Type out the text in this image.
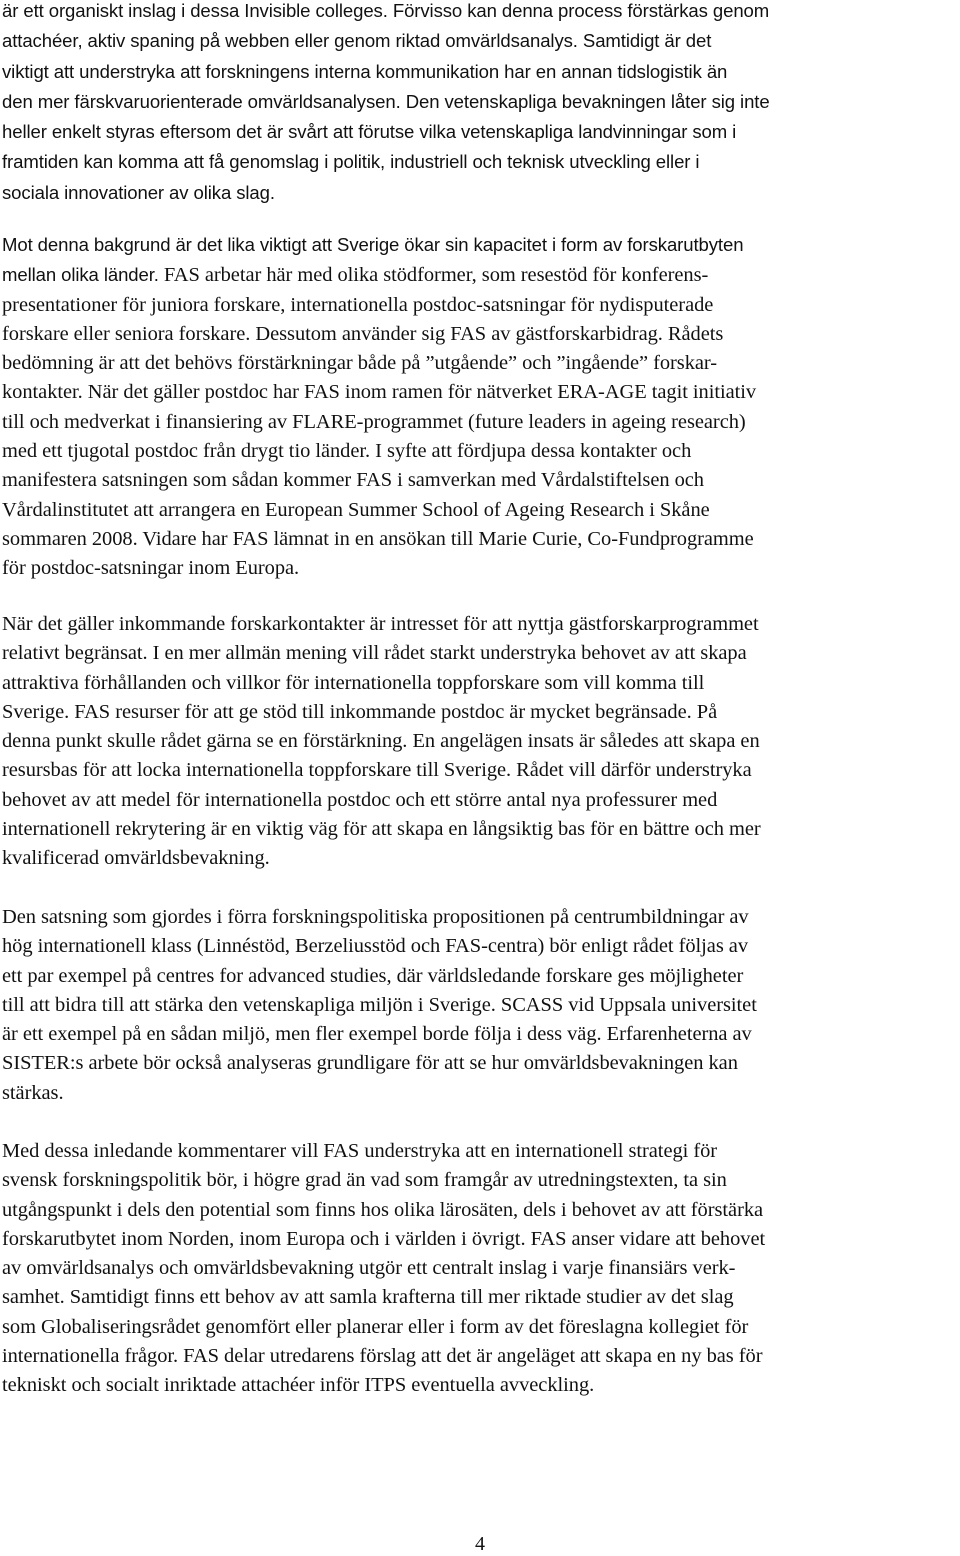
är ett organiskt inslag i dessa Invisible colleges. Förvisso kan denna process förstärkas genom
attachéer, aktiv spaning på webben eller genom riktad omvärldsanalys. Samtidigt är det
viktigt att understryka att forskningens interna kommunikation har en annan tidslogistik än
den mer färskvaruorienterade omvärldsanalysen. Den vetenskapliga bevakningen låter sig inte
heller enkelt styras eftersom det är svårt att förutse vilka vetenskapliga landvinningar som i
framtiden kan komma att få genomslag i politik, industriell och teknisk utveckling eller i
sociala innovationer av olika slag.

Mot denna bakgrund är det lika viktigt att Sverige ökar sin kapacitet i form av forskarutbyten
mellan olika länder. FAS arbetar här med olika stödformer, som resestöd för konferens-
presentationer för juniora forskare, internationella postdoc-satsningar för nydisputerade
forskare eller seniora forskare. Dessutom använder sig FAS av gästforskarbidrag. Rådets
bedömning är att det behövs förstärkningar både på ”utgående” och ”ingående” forskar-
kontakter. När det gäller postdoc har FAS inom ramen för nätverket ERA-AGE tagit initiativ
till och medverkat i finansiering av FLARE-programmet (future leaders in ageing research)
med ett tjugotal postdoc från drygt tio länder. I syfte att fördjupa dessa kontakter och
manifestera satsningen som sådan kommer FAS i samverkan med Vårdalstiftelsen och
Vårdalinstitutet att arrangera en European Summer School of Ageing Research i Skåne
sommaren 2008. Vidare har FAS lämnat in en ansökan till Marie Curie, Co-Fundprogramme
för postdoc-satsningar inom Europa.

När det gäller inkommande forskarkontakter är intresset för att nyttja gästforskarprogrammet
relativt begränsat. I en mer allmän mening vill rådet starkt understryka behovet av att skapa
attraktiva förhållanden och villkor för internationella toppforskare som vill komma till
Sverige. FAS resurser för att ge stöd till inkommande postdoc är mycket begränsade. På
denna punkt skulle rådet gärna se en förstärkning. En angelägen insats är således att skapa en
resursbas för att locka internationella toppforskare till Sverige. Rådet vill därför understryka
behovet av att medel för internationella postdoc och ett större antal nya professurer med
internationell rekrytering är en viktig väg för att skapa en långsiktig bas för en bättre och mer
kvalificerad omvärldsbevakning.

Den satsning som gjordes i förra forskningspolitiska propositionen på centrumbildningar av
hög internationell klass (Linnéstöd, Berzeliusstöd och FAS-centra) bör enligt rådet följas av
ett par exempel på centres for advanced studies, där världsledande forskare ges möjligheter
till att bidra till att stärka den vetenskapliga miljön i Sverige. SCASS vid Uppsala universitet
är ett exempel på en sådan miljö, men fler exempel borde följa i dess väg. Erfarenheterna av
SISTER:s arbete bör också analyseras grundligare för att se hur omvärldsbevakningen kan
stärkas.

Med dessa inledande kommentarer vill FAS understryka att en internationell strategi för
svensk forskningspolitik bör, i högre grad än vad som framgår av utredningstexten, ta sin
utgångspunkt i dels den potential som finns hos olika lärosäten, dels i behovet av att förstärka
forskarutbytet inom Norden, inom Europa och i världen i övrigt. FAS anser vidare att behovet
av omvärldsanalys och omvärldsbevakning utgör ett centralt inslag i varje finansiärs verk-
samhet. Samtidigt finns ett behov av att samla krafterna till mer riktade studier av det slag
som Globaliseringsrådet genomfört eller planerar eller i form av det föreslagna kollegiet för
internationella frågor. FAS delar utredarens förslag att det är angeläget att skapa en ny bas för
tekniskt och socialt inriktade attachéer inför ITPS eventuella avveckling.

4
